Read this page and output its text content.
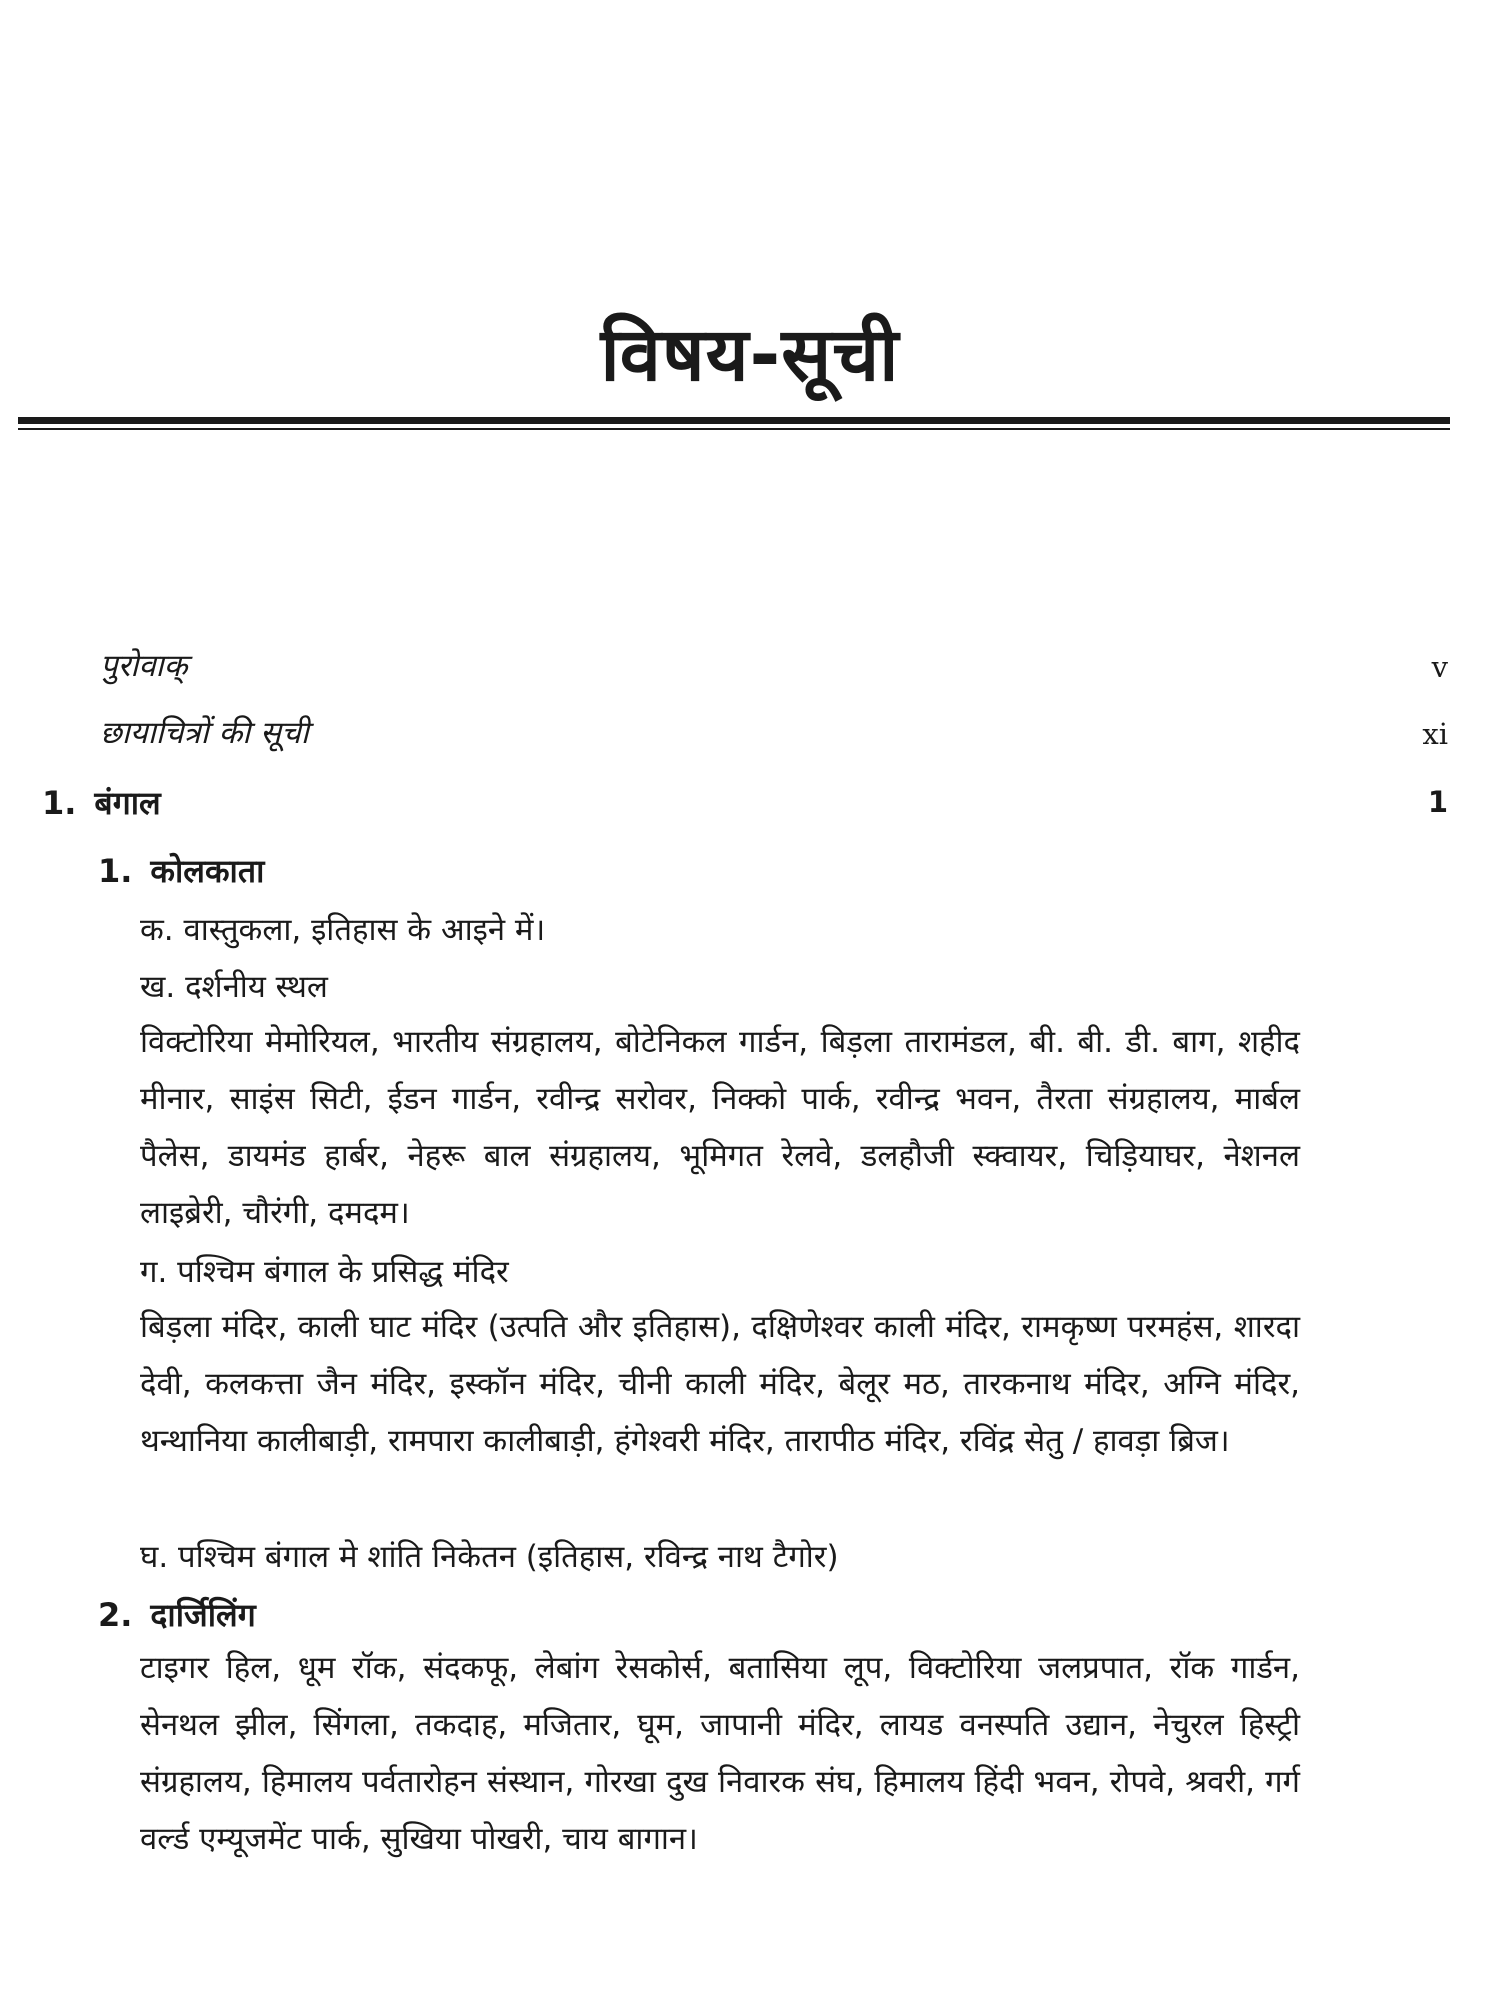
विषय-सूची
पुरोवाक्	v
छायाचित्रों की सूची	xi
1. बंगाल	1
1. कोलकाता
क. वास्तुकला, इतिहास के आइने में।
ख. दर्शनीय स्थल
विक्टोरिया मेमोरियल, भारतीय संग्रहालय, बोटेनिकल गार्डन, बिड़ला तारामंडल, बी. बी. डी. बाग, शहीद मीनार, साइंस सिटी, ईडन गार्डन, रवीन्द्र सरोवर, निक्को पार्क, रवीन्द्र भवन, तैरता संग्रहालय, मार्बल पैलेस, डायमंड हार्बर, नेहरू बाल संग्रहालय, भूमिगत रेलवे, डलहौजी स्क्वायर, चिड़ियाघर, नेशनल लाइब्रेरी, चौरंगी, दमदम।
ग. पश्चिम बंगाल के प्रसिद्ध मंदिर
बिड़ला मंदिर, काली घाट मंदिर (उत्पति और इतिहास), दक्षिणेश्वर काली मंदिर, रामकृष्ण परमहंस, शारदा देवी, कलकत्ता जैन मंदिर, इस्कॉन मंदिर, चीनी काली मंदिर, बेलूर मठ, तारकनाथ मंदिर, अग्नि मंदिर, थन्थानिया कालीबाड़ी, रामपारा कालीबाड़ी, हंगेश्वरी मंदिर, तारापीठ मंदिर, रविंद्र सेतु / हावड़ा ब्रिज।
घ. पश्चिम बंगाल मे शांति निकेतन (इतिहास, रविन्द्र नाथ टैगोर)
2. दार्जिलिंग
टाइगर हिल, धूम रॉक, संदकफू, लेबांग रेसकोर्स, बतासिया लूप, विक्टोरिया जलप्रपात, रॉक गार्डन, सेनथल झील, सिंगला, तकदाह, मजितार, घूम, जापानी मंदिर, लायड वनस्पति उद्यान, नेचुरल हिस्ट्री संग्रहालय, हिमालय पर्वतारोहन संस्थान, गोरखा दुख निवारक संघ, हिमालय हिंदी भवन, रोपवे, श्रवरी, गर्ग वर्ल्ड एम्यूजमेंट पार्क, सुखिया पोखरी, चाय बागान।
